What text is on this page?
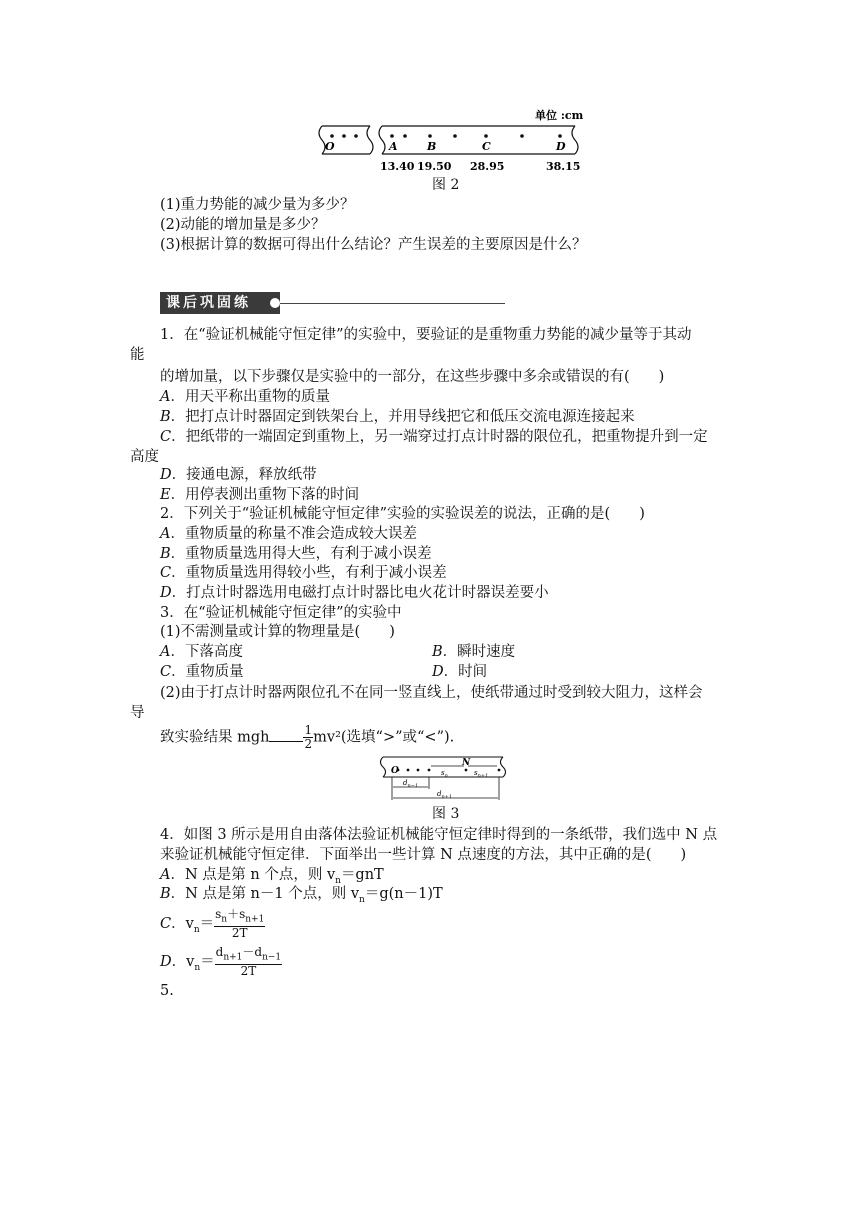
单位 :cm
O	A	B	C	D
13.40 19.50 28.95	38.15
图 2
(1)重力势能的减少量为多少？
(2)动能的增加量是多少？
(3)根据计算的数据可得出什么结论？产生误差的主要原因是什么？
课后巩固练
1．在“验证机械能守恒定律”的实验中，要验证的是重物重力势能的减少量等于其动
能
的增加量，以下步骤仅是实验中的一部分，在这些步骤中多余或错误的有(　　)
A．用天平称出重物的质量
B．把打点计时器固定到铁架台上，并用导线把它和低压交流电源连接起来
C．把纸带的一端固定到重物上，另一端穿过打点计时器的限位孔，把重物提升到一定
高度
D．接通电源，释放纸带
E．用停表测出重物下落的时间
2．下列关于“验证机械能守恒定律”实验的实验误差的说法，正确的是(　　)
A．重物质量的称量不准会造成较大误差
B．重物质量选用得大些，有利于减小误差
C．重物质量选用得较小些，有利于减小误差
D．打点计时器选用电磁打点计时器比电火花计时器误差要小
3．在“验证机械能守恒定律”的实验中
(1)不需测量或计算的物理量是(　　)
A．下落高度	B．瞬时速度
C．重物质量	D．时间
(2)由于打点计时器两限位孔不在同一竖直线上，使纸带通过时受到较大阻力，这样会
导
致实验结果 mgh	$\frac{1}{2} mv^2$(选填“>”或“<”).
O
N
$s_n$	$s_{n+1}$
$d_{n-1}$
$d_{n+1}$
图 3
4．如图 3 所示是用自由落体法验证机械能守恒定律时得到的一条纸带，我们选中 N 点
来验证机械能守恒定律．下面举出一些计算 N 点速度的方法，其中正确的是(　　)
A．N 点是第 n 个点，则 $v_n=gnT$
B．N 点是第 n－1 个点，则 $v_n=g(n-1)T$
C．$v_n= \frac{s_n+s_{n+1}}{2T}$
D．$v_n= \frac{d_{n+1}-d_{n-1}}{2T}$
5.
